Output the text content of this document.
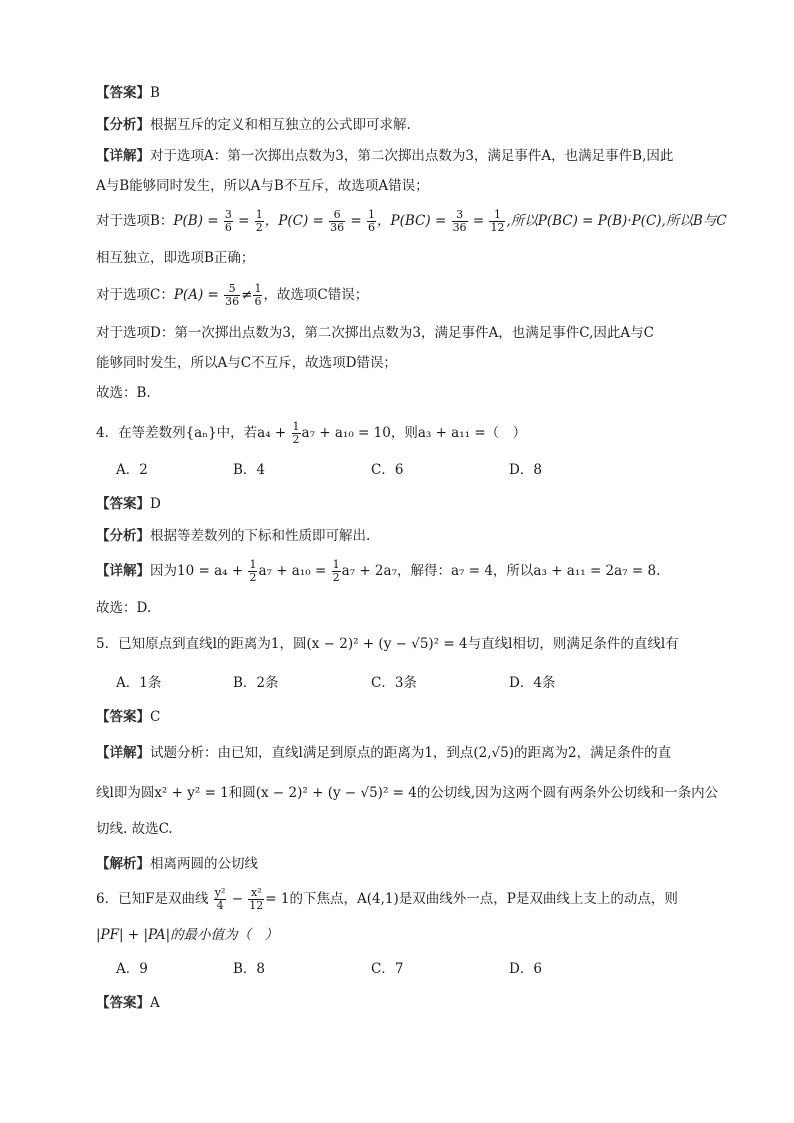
【答案】B
【分析】根据互斥的定义和相互独立的公式即可求解.
【详解】对于选项A：第一次掷出点数为3，第二次掷出点数为3，满足事件A，也满足事件B,因此
A与B能够同时发生，所以A与B不互斥，故选项A错误；
对于选项B：$P(B) = \frac{3}{6} = \frac{1}{2}$ ，$P(C) = \frac{6}{36} = \frac{1}{6}$ ，$P(BC) = \frac{3}{36} = \frac{1}{12}$ ,所以P(BC) = P(B)·P(C),所以B与C
相互独立，即选项B正确；
对于选项C：$P(A) = \frac{5}{36} \ne \frac{1}{6}$ ，故选项C错误；
对于选项D：第一次掷出点数为3，第二次掷出点数为3，满足事件A，也满足事件C,因此A与C
能够同时发生，所以A与C不互斥，故选项D错误；
故选：B.
4．在等差数列{aₙ}中，若$a_4 + \frac{1}{2} a_7 + a_{10} = 10$，则a₃ + a₁₁ =（　）
A．2	B．4	C．6	D．8
【答案】D
【分析】根据等差数列的下标和性质即可解出.
【详解】因为$10 = a_4 + \frac{1}{2} a_7 + a_{10} = \frac{1}{2} a_7 + 2a_7$，解得：a₇ = 4，所以a₃ + a₁₁ = 2a₇ = 8.
故选：D.
5．已知原点到直线l的距离为1，圆(x − 2)² + (y − √5)² = 4与直线l相切，则满足条件的直线l有
A．1条	B．2条	C．3条	D．4条
【答案】C
【详解】试题分析：由已知，直线l满足到原点的距离为1，到点(2,√5)的距离为2，满足条件的直
线l即为圆x² + y² = 1和圆(x − 2)² + (y − √5)² = 4的公切线,因为这两个圆有两条外公切线和一条内公
切线. 故选C.
【解析】相离两圆的公切线
6．已知F是双曲线 $\frac{\text{y²}}{4} - \frac{\text{x²}}{12} = 1$的下焦点，A(4,1)是双曲线外一点，P是双曲线上支上的动点，则
|PF| + |PA|的最小值为（　）
A．9	B．8	C．7	D．6
【答案】A
